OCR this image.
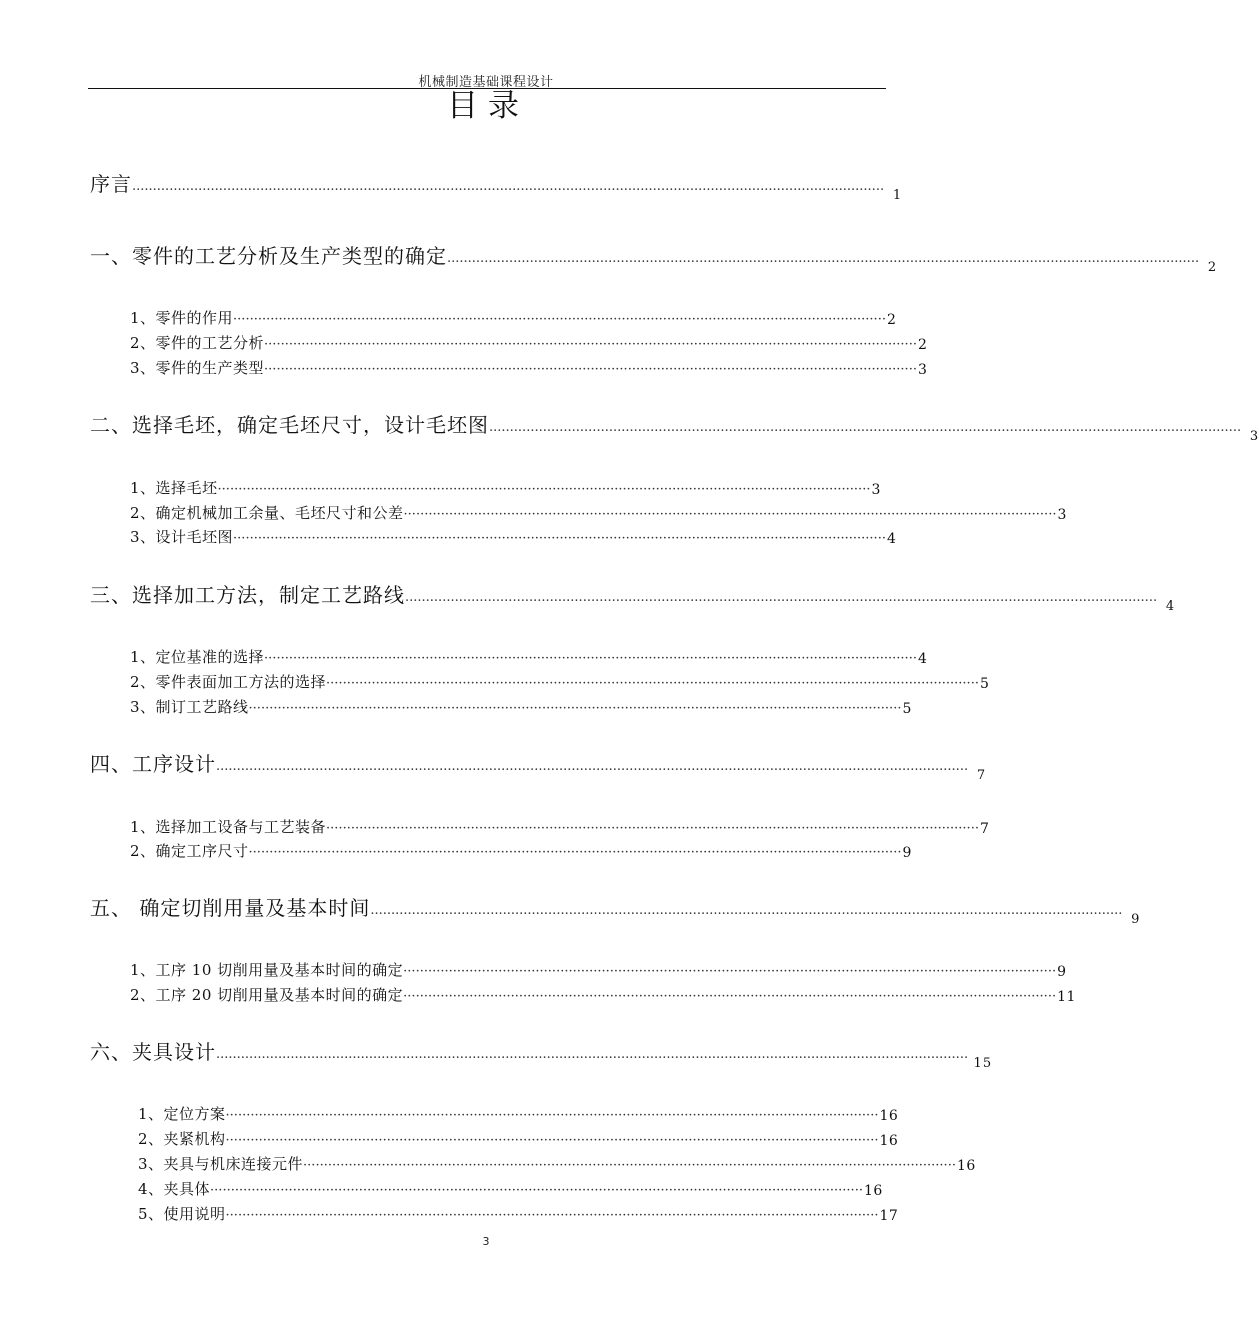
机械制造基础课程设计
目录
序言 ......................................................................................................................................................................................
1
一、零件的工艺分析及生产类型的确定 ......................................................................................................................................................................................
2
1、零件的作用 ······························································································································································ 2
2、零件的工艺分析 ······························································································································································ 2
3、零件的生产类型 ······························································································································································ 3
二、选择毛坯，确定毛坯尺寸，设计毛坯图 ......................................................................................................................................................................................
3
1、选择毛坯 ······························································································································································ 3
2、确定机械加工余量、毛坯尺寸和公差 ······························································································································································ 3
3、设计毛坯图 ······························································································································································ 4
三、选择加工方法，制定工艺路线 ......................................................................................................................................................................................
4
1、定位基准的选择 ······························································································································································ 4
2、零件表面加工方法的选择 ······························································································································································ 5
3、制订工艺路线 ······························································································································································ 5
四、工序设计 ......................................................................................................................................................................................
7
1、选择加工设备与工艺装备 ······························································································································································ 7
2、确定工序尺寸 ······························································································································································ 9
五、 确定切削用量及基本时间 ......................................................................................................................................................................................
9
1、工序 10 切削用量及基本时间的确定 ······························································································································································ 9
2、工序 20 切削用量及基本时间的确定 ······························································································································································ 11
六、夹具设计 ......................................................................................................................................................................................
15
1、定位方案 ······························································································································································ 16
2、夹紧机构 ······························································································································································ 16
3、夹具与机床连接元件 ······························································································································································ 16
4、夹具体 ······························································································································································ 16
5、使用说明 ······························································································································································ 17
3
